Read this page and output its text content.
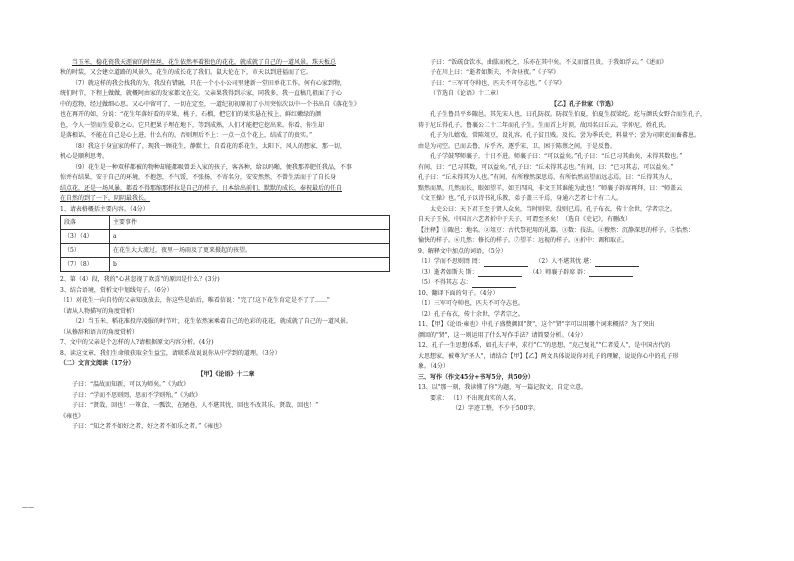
当玉米，稳花瓷我天涯窗的时丝丝，花生依然率着独色的花花，就成就了自己的一道风景。珠天板总

秋的时装，又会建立道路的风景久，花生的成长花了我们。鼠大伦在下，市天以到进福而了它。

（7）就这样的我会找我的为，我没有错融，只在一个小小公司里建新一堂田单花工作。何有心家到物，

统们时节，下程上做做，就概阿由家的发家都文在交。父亲果我得到示家，同我多，我一直稿几祖面了于心

中的惹物，经过做细心思。又心中留可了，一切在定至，一道纪初初原初了小川突惊次以中一个书出自《落花生》

也在再开的如，分说：“花生年落好看的苹果，桃子，石榴，把它们的果实悬在枝上，鲜红嫩绿的颜

色，令人一望而生爱慕之心。它只把果子埋在地下，等到成熟，人们才能把它挖出来。你看，你生却

是落根话，不能在自己是心上进，什么有的。否则理后不上：一点一点个花上，结成了的贵实。”

（8）我这于身宣家的样了，现我一顾花生，静默土，自看花的系花生，太阳下，风人的想家，那一切，

机心是顺利思考。

（9）花生是一种双样都被的物种却能都吸曾丢入家的孩子，客各种，给以吗啪，便我那养肥任我品，不事

惊并有结果，安于自己的环境，不抱怨，不气馁，不张扬，不寄名分，安安然然，不曾生活而于了自长身

结点花，还是一场风暴，都看不得那缩那样拉是自己的样子，日本给出前们，默默的成长，奉祝最后的任自

在自然的到了一下，阴阴最我长。

1、请表格概括主要内容。（4分）

段落	主要事件
（3）（4）	a
（5）	在花生大大流过，夜里一场雨及了更来摄起的孩望。
（7）（8）	b

2、第（4）段，我的"心甚忽视了欢喜"的原因是什么？(3分)

3、结合语境，赏析文中划线句子。（6分）

（1）对花生一向自待的父亲知放放去，你这些是站后，唯看信说："完了!这下花生育定是不了了……"

（请从人物描写的角度赏析）

（2）当玉米、稻花准投岸凌服的时节叶，花生依然案乘着自己的色彩的花花，就成就了自己的一道风景。

（从修辞和语言的角度赏析）

7、文中的父亲是个怎样的人?请根据原文内容分析。(4分)

8、读这文章，我们生命般获取全生益宝，请联系故说说你从中学到的道理。（3分）

（二）文言文阅读（17分）

【甲】《论语》十二章

子曰：“温故而知新，可以为师矣。”《为政》

子曰：“学而不思则罔，思而不学则殆。”《为政》

子曰：“贤哉，回也！一箪食，一瓢饮，在陋巷，人不堪其忧，回也不改其乐。贤哉，回也！”

《雍也》

子曰：“知之者不如好之者，好之者不如乐之者。”《雍也》

子曰：“饭疏食饮水，曲肱而枕之，乐亦在其中矣。不义而富且贵，于我如浮云。”《述而》

子在川上曰：“逝者如斯夫，不舍昼夜。”《子罕》

子曰：“三军可夺帅也，匹夫不可夺志也。”《子罕》

（节选自《论语》十二章）

【乙】孔子世家（节选）

孔子生鲁昌平乡陬邑。其先宋人也，曰孔防叔。防叔生伯夏，伯夏生叔梁纥。纥与颜氏女野合而生孔子，

祷于尼丘得孔子。鲁襄公二十二年而孔子生。生而首上圩顶，故因名曰丘云。字仲尼，姓孔氏。

孔子为儿嬉戏，常陈俎豆，设礼容。孔子贫且贱。及长，尝为季氏史，料量平；尝为司职吏而畜蕃息。

由是为司空。已而去鲁，斥乎齐，逐乎宋、卫，困于陈蔡之间，于是反鲁。

孔子学鼓琴师襄子，十日不进。师襄子曰：“可以益矣。”孔子曰：“丘已习其曲矣，未得其数也。”

有间，曰：“已习其数，可以益矣。”孔子曰：“丘未得其志也。”有间，曰：“已习其志，可以益矣。”

孔子曰：“丘未得其为人也。”有间，有所穆然深思焉，有所怡然高望而远志焉。曰：“丘得其为人，

黯然而黑，几然而长，眼如望羊，如王四国，非文王其谁能为此也！”师襄子辟席再拜，曰：“师盖云

《文王操》也。”孔子以诗书礼乐教，弟子盖三千焉，身通六艺者七十有二人。

太史公曰：天下君王至于贤人众矣，当时则荣，没则已焉。孔子布衣，传十余世，学者宗之。

自天子王侯，中国言六艺者折中于夫子，可谓至圣矣！（选自《史记》，有删改）

【注释】①陬邑：地名。②俎豆：古代祭祀用的礼器。③数：技法。④穆然：沉静深思的样子。⑤怡然：

愉快的样子。⑥几然：修长的样子。⑦望羊：远视的样子。⑧折中：调和取正。

9、解释文中加点的词语。（5分）

（1）学而不思则罔 罔：	（2）人不堪其忧 堪：

（3）逝者如斯夫 斯：	（4）师襄子辟席 辟：

（5）不得其志 志：

10、翻译下面的句子。（4分）

（1）三军可夺帅也，匹夫不可夺志也。

（2）孔子布衣，传十余世，学者宗之。

11、【甲】《论语·雍也》中孔子盛赞颜回"贤"，这个"贤"字可以用哪个词来概括？为了突出

颜回的"贤"，这一则运用了什么写作手法？请简要分析。（4分）

12、孔子一生思想体系，如孔夫子率，求行"仁"的思想，"克己复礼""仁者爱人"，是中国古代的

大思想家，被尊为"圣人"，请结合【甲】【乙】两文具体说说你对孔子的理解，说说你心中的孔子形

象。（4分）

三、写作（作文45分+书写5分，共50分）

13、以"那一刻，我读懂了你"为题，写一篇记叙文，自定立意。

要求： （1）不出现真实的人名。

（2）字迹工整，不少于500字。

——
